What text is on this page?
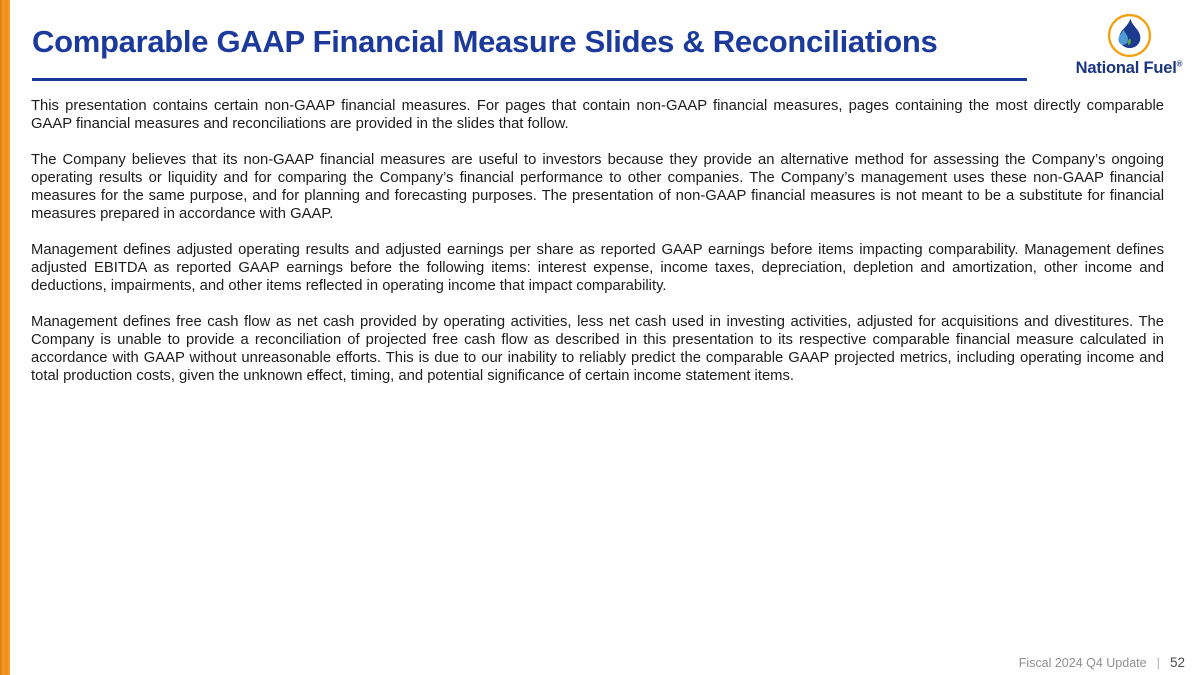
Comparable GAAP Financial Measure Slides & Reconciliations
National Fuel®

This presentation contains certain non-GAAP financial measures. For pages that contain non-GAAP financial measures, pages containing the most directly comparable GAAP financial measures and reconciliations are provided in the slides that follow.

The Company believes that its non-GAAP financial measures are useful to investors because they provide an alternative method for assessing the Company’s ongoing operating results or liquidity and for comparing the Company’s financial performance to other companies. The Company’s management uses these non-GAAP financial measures for the same purpose, and for planning and forecasting purposes. The presentation of non-GAAP financial measures is not meant to be a substitute for financial measures prepared in accordance with GAAP.

Management defines adjusted operating results and adjusted earnings per share as reported GAAP earnings before items impacting comparability. Management defines adjusted EBITDA as reported GAAP earnings before the following items: interest expense, income taxes, depreciation, depletion and amortization, other income and deductions, impairments, and other items reflected in operating income that impact comparability.

Management defines free cash flow as net cash provided by operating activities, less net cash used in investing activities, adjusted for acquisitions and divestitures. The Company is unable to provide a reconciliation of projected free cash flow as described in this presentation to its respective comparable financial measure calculated in accordance with GAAP without unreasonable efforts. This is due to our inability to reliably predict the comparable GAAP projected metrics, including operating income and total production costs, given the unknown effect, timing, and potential significance of certain income statement items.

Fiscal 2024 Q4 Update | 52
